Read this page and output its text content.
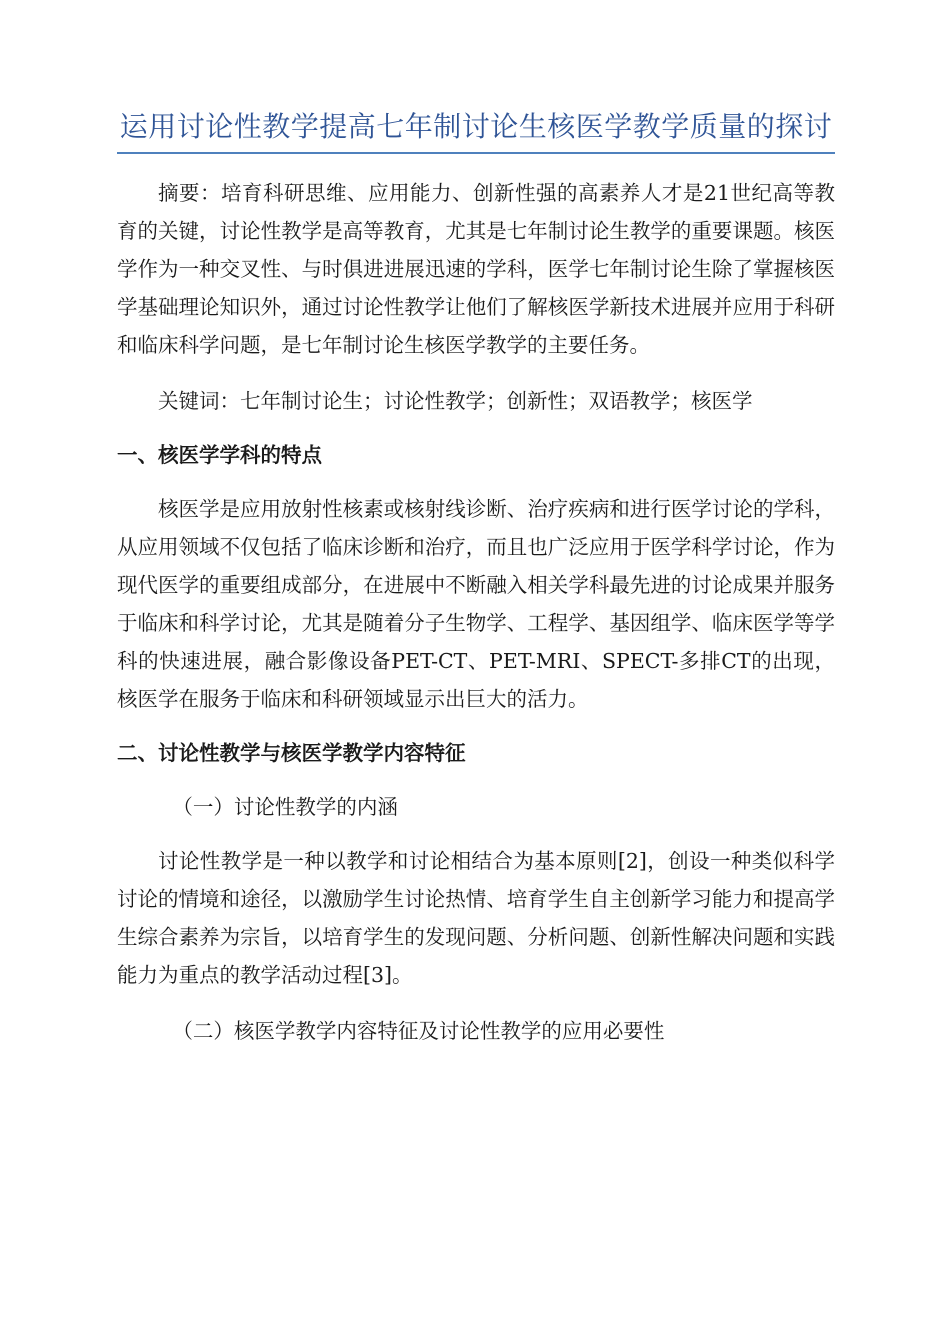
运用讨论性教学提高七年制讨论生核医学教学质量的探讨

摘要：培育科研思维、应用能力、创新性强的高素养人才是21世纪高等教育的关键，讨论性教学是高等教育，尤其是七年制讨论生教学的重要课题。核医学作为一种交叉性、与时俱进进展迅速的学科，医学七年制讨论生除了掌握核医学基础理论知识外，通过讨论性教学让他们了解核医学新技术进展并应用于科研和临床科学问题，是七年制讨论生核医学教学的主要任务。

关键词：七年制讨论生；讨论性教学；创新性；双语教学；核医学

一、核医学学科的特点

核医学是应用放射性核素或核射线诊断、治疗疾病和进行医学讨论的学科，从应用领域不仅包括了临床诊断和治疗，而且也广泛应用于医学科学讨论，作为现代医学的重要组成部分，在进展中不断融入相关学科最先进的讨论成果并服务于临床和科学讨论，尤其是随着分子生物学、工程学、基因组学、临床医学等学科的快速进展，融合影像设备PET-CT、PET-MRI、SPECT-多排CT的出现，核医学在服务于临床和科研领域显示出巨大的活力。

二、讨论性教学与核医学教学内容特征

（一）讨论性教学的内涵

讨论性教学是一种以教学和讨论相结合为基本原则[2]，创设一种类似科学讨论的情境和途径，以激励学生讨论热情、培育学生自主创新学习能力和提高学生综合素养为宗旨，以培育学生的发现问题、分析问题、创新性解决问题和实践能力为重点的教学活动过程[3]。

（二）核医学教学内容特征及讨论性教学的应用必要性
